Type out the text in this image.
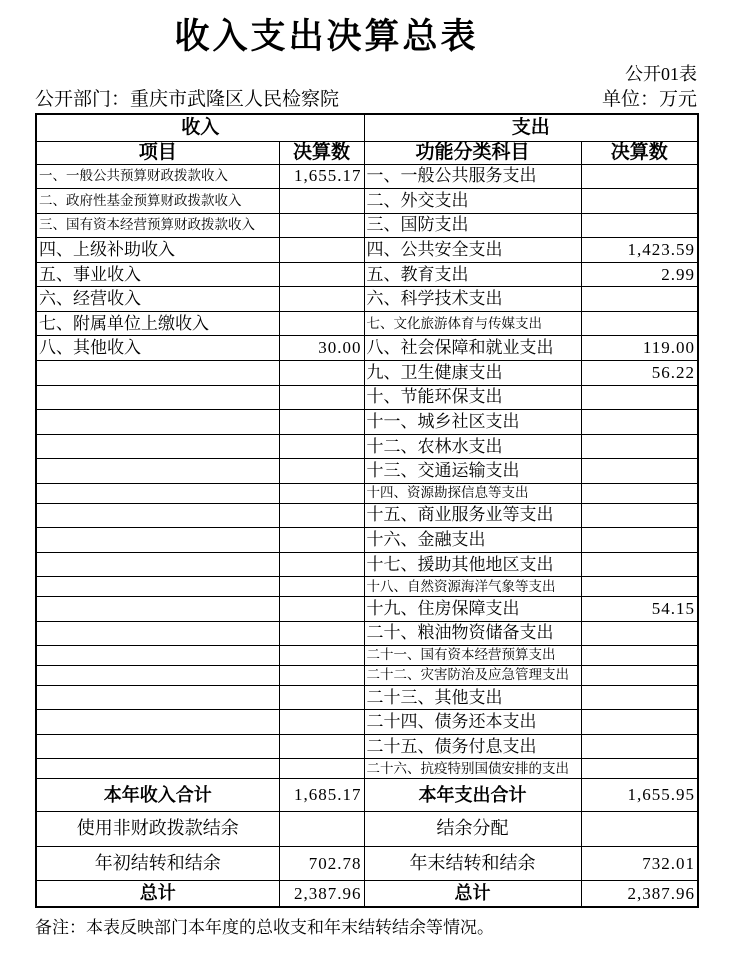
收入支出决算总表
公开01表
公开部门：重庆市武隆区人民检察院	单位：万元
收入		支出	
项目	决算数	功能分类科目	决算数
一、一般公共预算财政拨款收入	1,655.17	一、一般公共服务支出	
二、政府性基金预算财政拨款收入		二、外交支出	
三、国有资本经营预算财政拨款收入		三、国防支出	
四、上级补助收入		四、公共安全支出	1,423.59
五、事业收入		五、教育支出	2.99
六、经营收入		六、科学技术支出	
七、附属单位上缴收入		七、文化旅游体育与传媒支出	
八、其他收入	30.00	八、社会保障和就业支出	119.00
		九、卫生健康支出	56.22
		十、节能环保支出	
		十一、城乡社区支出	
		十二、农林水支出	
		十三、交通运输支出	
		十四、资源勘探信息等支出	
		十五、商业服务业等支出	
		十六、金融支出	
		十七、援助其他地区支出	
		十八、自然资源海洋气象等支出	
		十九、住房保障支出	54.15
		二十、粮油物资储备支出	
		二十一、国有资本经营预算支出	
		二十二、灾害防治及应急管理支出	
		二十三、其他支出	
		二十四、债务还本支出	
		二十五、债务付息支出	
		二十六、抗疫特别国债安排的支出	
本年收入合计	1,685.17	本年支出合计	1,655.95
使用非财政拨款结余		结余分配	
年初结转和结余	702.78	年末结转和结余	732.01
总计	2,387.96	总计	2,387.96
备注：本表反映部门本年度的总收支和年末结转结余等情况。
